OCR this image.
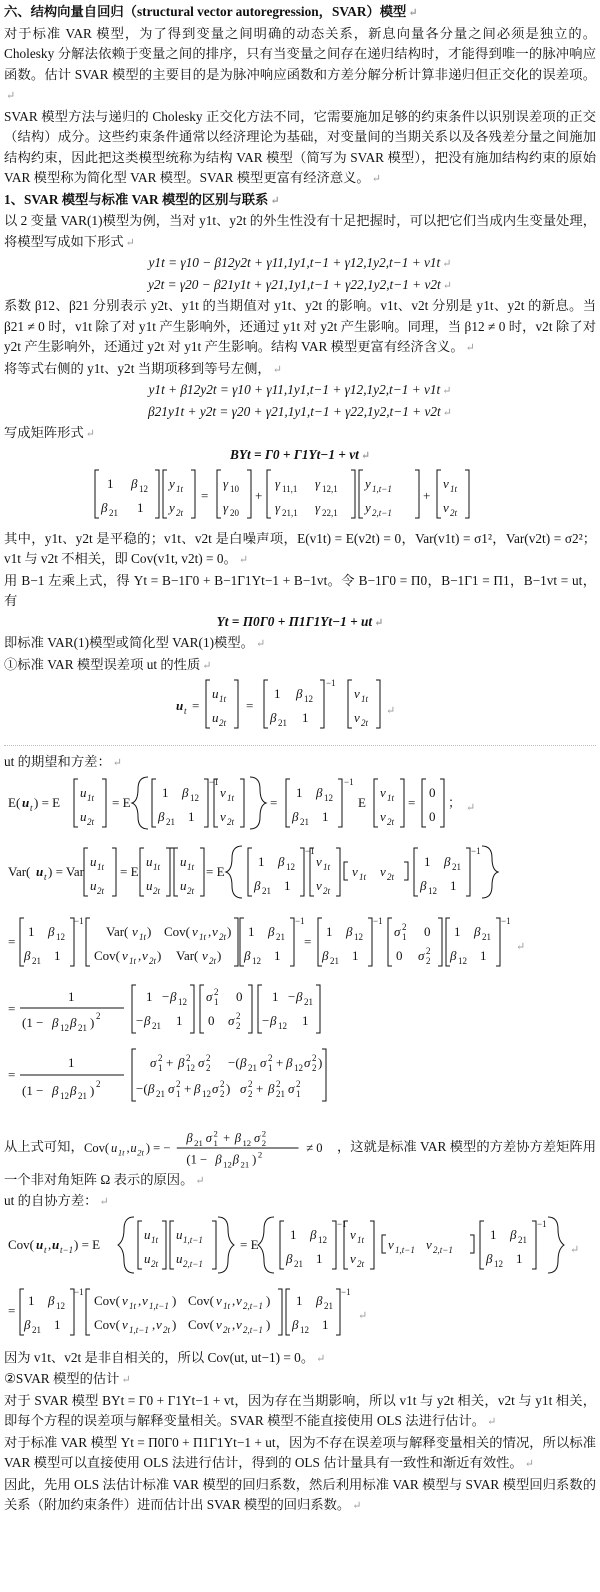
六、结构向量自回归（structural vector autoregression，SVAR）模型 ↵

对于标准 VAR 模型，为了得到变量之间明确的动态关系，新息向量各分量之间必须是独立的。Cholesky 分解法依赖于变量之间的排序，只有当变量之间存在递归结构时，才能得到唯一的脉冲响应函数。估计 SVAR 模型的主要目的是为脉冲响应函数和方差分解分析计算非递归但正交化的误差项。↵

SVAR 模型方法与递归的 Cholesky 正交化方法不同，它需要施加足够的约束条件以识别误差项的正交（结构）成分。这些约束条件通常以经济理论为基础，对变量间的当期关系以及各残差分量之间施加结构约束，因此把这类模型统称为结构 VAR 模型（简写为 SVAR 模型），把没有施加结构约束的原始 VAR 模型称为简化型 VAR 模型。SVAR 模型更富有经济意义。 ↵

1、SVAR 模型与标准 VAR 模型的区别与联系 ↵

以 2 变量 VAR(1)模型为例，当对 y1t、y2t 的外生性没有十足把握时，可以把它们当成内生变量处理，将模型写成如下形式 ↵

y1t = γ10 − β12y2t + γ11,1y1,t−1 + γ12,1y2,t−1 + v1t ↵

y2t = γ20 − β21y1t + γ21,1y1,t−1 + γ22,1y2,t−1 + v2t ↵

系数 β12、β21 分别表示 y2t、y1t 的当期值对 y1t、y2t 的影响。v1t、v2t 分别是 y1t、y2t 的新息。当 β21 ≠ 0 时，v1t 除了对 y1t 产生影响外，还通过 y1t 对 y2t 产生影响。同理，当 β12 ≠ 0 时，v2t 除了对 y2t 产生影响外，还通过 y2t 对 y1t 产生影响。结构 VAR 模型更富有经济含义。 ↵

将等式右侧的 y1t、y2t 当期项移到等号左侧， ↵

y1t + β12y2t = γ10 + γ11,1y1,t−1 + γ12,1y2,t−1 + v1t ↵

β21y1t + y2t = γ20 + γ21,1y1,t−1 + γ22,1y2,t−1 + v2t ↵

写成矩阵形式 ↵

BYt = Γ0 + Γ1Yt−1 + vt ↵

1 β 12
β 21 1
y 1t
y 2t
=
γ 10
γ 20
+
γ 11,1 γ 12,1
γ 21,1 γ 22,1
y 1,t−1
y 2,t−1
+
v 1t
v 2t

其中，y1t、y2t 是平稳的；v1t、v2t 是白噪声项，E(v1t) = E(v2t) = 0，Var(v1t) = σ1²，Var(v2t) = σ2²；v1t 与 v2t 不相关，即 Cov(v1t, v2t) = 0。 ↵

用 B−1 左乘上式，得 Yt = B−1Γ0 + B−1Γ1Yt−1 + B−1vt。令 B−1Γ0 = Π0，B−1Γ1 = Π1，B−1vt = ut，有

Yt = Π0Γ0 + Π1Γ1Yt−1 + ut ↵

即标准 VAR(1)模型或简化型 VAR(1)模型。 ↵

①标准 VAR 模型误差项 ut 的性质 ↵

u t =
u 1t
u 2t
=
1 β 12
β 21 1
−1
v 1t
v 2t
↵

ut 的期望和方差： ↵

E( u t ) = E
u 1t
u 2t
= E
1 β 12
β 21 1
−1
v 1t
v 2t
=
1 β 12
β 21 1
−1
E
v 1t
v 2t
=
0
0
； ↵
Var( u t ) = Var
u 1t
u 2t
= E
u 1t
u 2t
u 1t
u 2t
= E
1 β 12
β 21 1
−1
v 1t
v 2t
v 1t v 2t
1 β 21
β 12 1
−1
=
1 β 12
β 21 1
−1
Var( v 1t ) Cov( v 1t , v 2t )
Cov( v 1t , v 2t ) Var( v 2t )
1 β 21
β 12 1
−1
=
1 β 12
β 21 1
−1
σ 2
1 0
0 σ 2
2
1 β 21
β 12 1
−1
↵
=
1
(1 − β 12 β 21 ) 2
1 − β 12
− β 21 1
σ 2
1 0
0 σ 2
2
1 − β 21
− β 12 1
=
1
(1 − β 12 β 21 ) 2
σ 2
1 + β 2
12 σ 2
2 −( β 21 σ 2
1 + β 12 σ 2
2 )
−( β 21 σ 2
1 + β 12 σ 2
2 ) σ 2
2 + β 2
21 σ 2
1
从上式可知， Cov( u 1t , u 2t ) = −
β 21 σ 2
1 + β 12 σ 2
2
(1 − β 12 β 21 ) 2	≠ 0 ，这就是标准 VAR 模型的方差协方差矩阵用

一个非对角矩阵 Ω 表示的原因。 ↵

ut 的自协方差： ↵

Cov( u t , u t−1 ) = E
u 1t
u 2t
u 1,t−1
u 2,t−1
= E
1 β 12
β 21 1
−1
v 1t
v 2t
v 1,t−1 v 2,t−1
1 β 21
β 12 1
−1
↵
=
1 β 12
β 21 1
−1
Cov( v 1t , v 1,t−1 ) Cov( v 1t , v 2,t−1 )
Cov( v 1,t−1 , v 2t ) Cov( v 2t , v 2,t−1 )
1 β 21
β 12 1
−1
↵

因为 v1t、v2t 是非自相关的，所以 Cov(ut, ut−1) = 0。 ↵

②SVAR 模型的估计 ↵

对于 SVAR 模型 BYt = Γ0 + Γ1Yt−1 + vt，因为存在当期影响，所以 v1t 与 y2t 相关，v2t 与 y1t 相关，即每个方程的误差项与解释变量相关。SVAR 模型不能直接使用 OLS 法进行估计。 ↵

对于标准 VAR 模型 Yt = Π0Γ0 + Π1Γ1Yt−1 + ut，因为不存在误差项与解释变量相关的情况，所以标准 VAR 模型可以直接使用 OLS 法进行估计，得到的 OLS 估计量具有一致性和渐近有效性。 ↵

因此，先用 OLS 法估计标准 VAR 模型的回归系数，然后利用标准 VAR 模型与 SVAR 模型回归系数的关系（附加约束条件）进而估计出 SVAR 模型的回归系数。 ↵
